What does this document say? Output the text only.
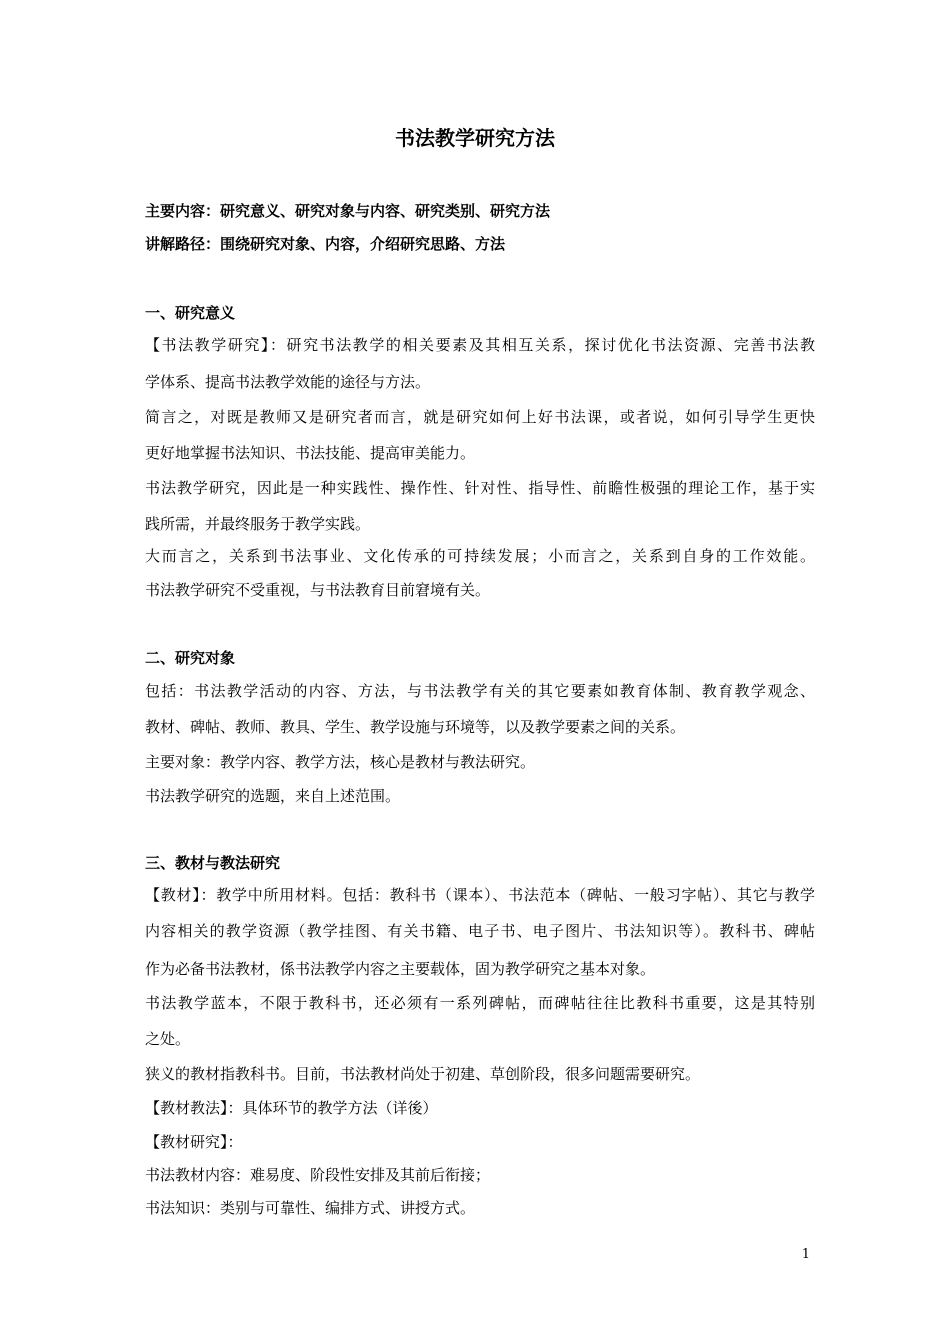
书法教学研究方法
主要内容：研究意义、研究对象与内容、研究类别、研究方法
讲解路径：围绕研究对象、内容，介绍研究思路、方法
一、研究意义
【书法教学研究】：研究书法教学的相关要素及其相互关系，探讨优化书法资源、完善书法教
学体系、提高书法教学效能的途径与方法。
简言之，对既是教师又是研究者而言，就是研究如何上好书法课，或者说，如何引导学生更快
更好地掌握书法知识、书法技能、提高审美能力。
书法教学研究，因此是一种实践性、操作性、针对性、指导性、前瞻性极强的理论工作，基于实
践所需，并最终服务于教学实践。
大而言之，关系到书法事业、文化传承的可持续发展；小而言之，关系到自身的工作效能。
书法教学研究不受重视，与书法教育目前窘境有关。
二、研究对象
包括：书法教学活动的内容、方法，与书法教学有关的其它要素如教育体制、教育教学观念、
教材、碑帖、教师、教具、学生、教学设施与环境等，以及教学要素之间的关系。
主要对象：教学内容、教学方法，核心是教材与教法研究。
书法教学研究的选题，来自上述范围。
三、教材与教法研究
【教材】：教学中所用材料。包括：教科书（课本）、书法范本（碑帖、一般习字帖）、其它与教学
内容相关的教学资源（教学挂图、有关书籍、电子书、电子图片、书法知识等）。教科书、碑帖
作为必备书法教材，係书法教学内容之主要载体，固为教学研究之基本对象。
书法教学蓝本，不限于教科书，还必须有一系列碑帖，而碑帖往往比教科书重要，这是其特别
之处。
狭义的教材指教科书。目前，书法教材尚处于初建、草创阶段，很多问题需要研究。
【教材教法】：具体环节的教学方法（详後）
【教材研究】：
书法教材内容：难易度、阶段性安排及其前后衔接；
书法知识：类别与可靠性、编排方式、讲授方式。
1
